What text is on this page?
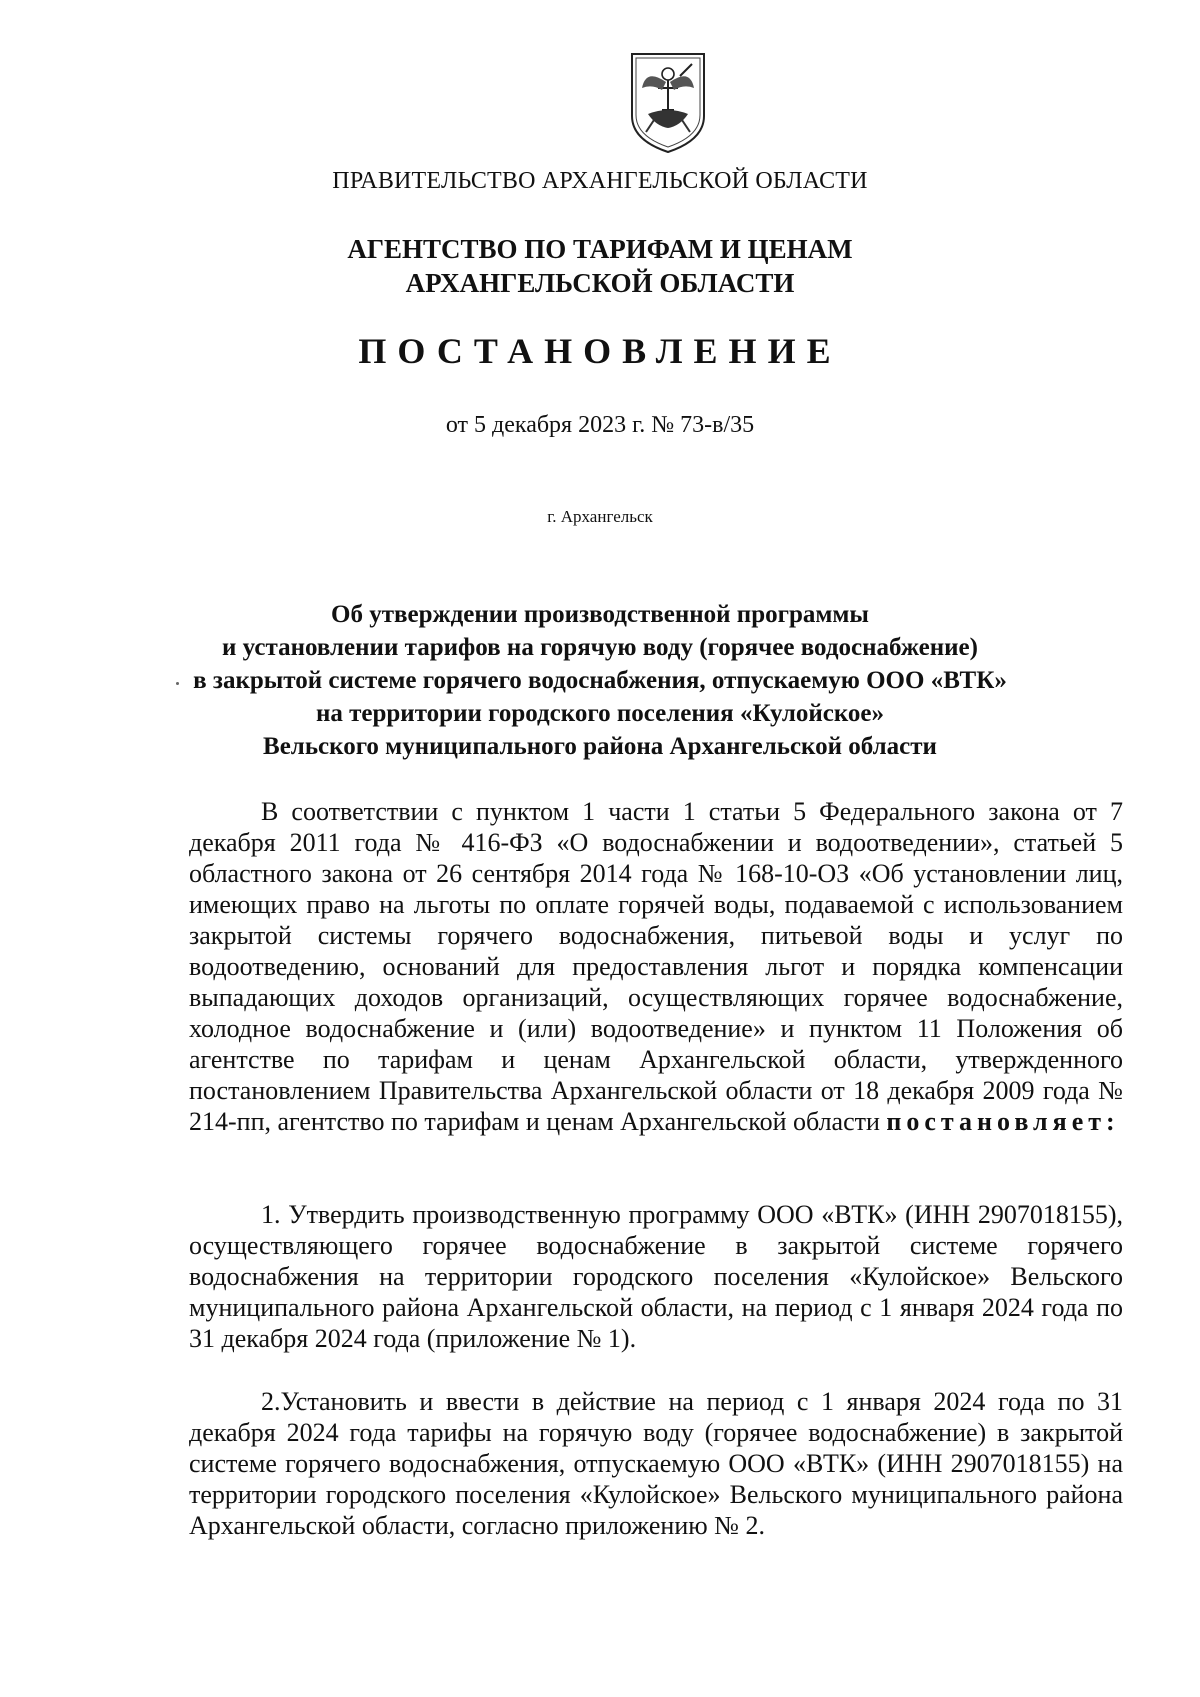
ПРАВИТЕЛЬСТВО АРХАНГЕЛЬСКОЙ ОБЛАСТИ
АГЕНТСТВО ПО ТАРИФАМ И ЦЕНАМ
АРХАНГЕЛЬСКОЙ ОБЛАСТИ
ПОСТАНОВЛЕНИЕ
от 5 декабря 2023 г. № 73-в/35
г. Архангельск
Об утверждении производственной программы
и установлении тарифов на горячую воду (горячее водоснабжение)
в закрытой системе горячего водоснабжения, отпускаемую ООО «ВТК»
на территории городского поселения «Кулойское»
Вельского муниципального района Архангельской области

В соответствии с пунктом 1 части 1 статьи 5 Федерального закона от 7 декабря 2011 года № 416-ФЗ «О водоснабжении и водоотведении», статьей 5 областного закона от 26 сентября 2014 года № 168-10-ОЗ «Об установлении лиц, имеющих право на льготы по оплате горячей воды, подаваемой с использованием закрытой системы горячего водоснабжения, питьевой воды и услуг по водоотведению, оснований для предоставления льгот и порядка компенсации выпадающих доходов организаций, осуществляющих горячее водоснабжение, холодное водоснабжение и (или) водоотведение» и пунктом 11 Положения об агентстве по тарифам и ценам Архангельской области, утвержденного постановлением Правительства Архангельской области от 18 декабря 2009 года № 214-пп, агентство по тарифам и ценам Архангельской области постановляет:

1. Утвердить производственную программу ООО «ВТК» (ИНН 2907018155), осуществляющего горячее водоснабжение в закрытой системе горячего водоснабжения на территории городского поселения «Кулойское» Вельского муниципального района Архангельской области, на период с 1 января 2024 года по 31 декабря 2024 года (приложение № 1).

2.Установить и ввести в действие на период с 1 января 2024 года по 31 декабря 2024 года тарифы на горячую воду (горячее водоснабжение) в закрытой системе горячего водоснабжения, отпускаемую ООО «ВТК» (ИНН 2907018155) на территории городского поселения «Кулойское» Вельского муниципального района Архангельской области, согласно приложению № 2.
